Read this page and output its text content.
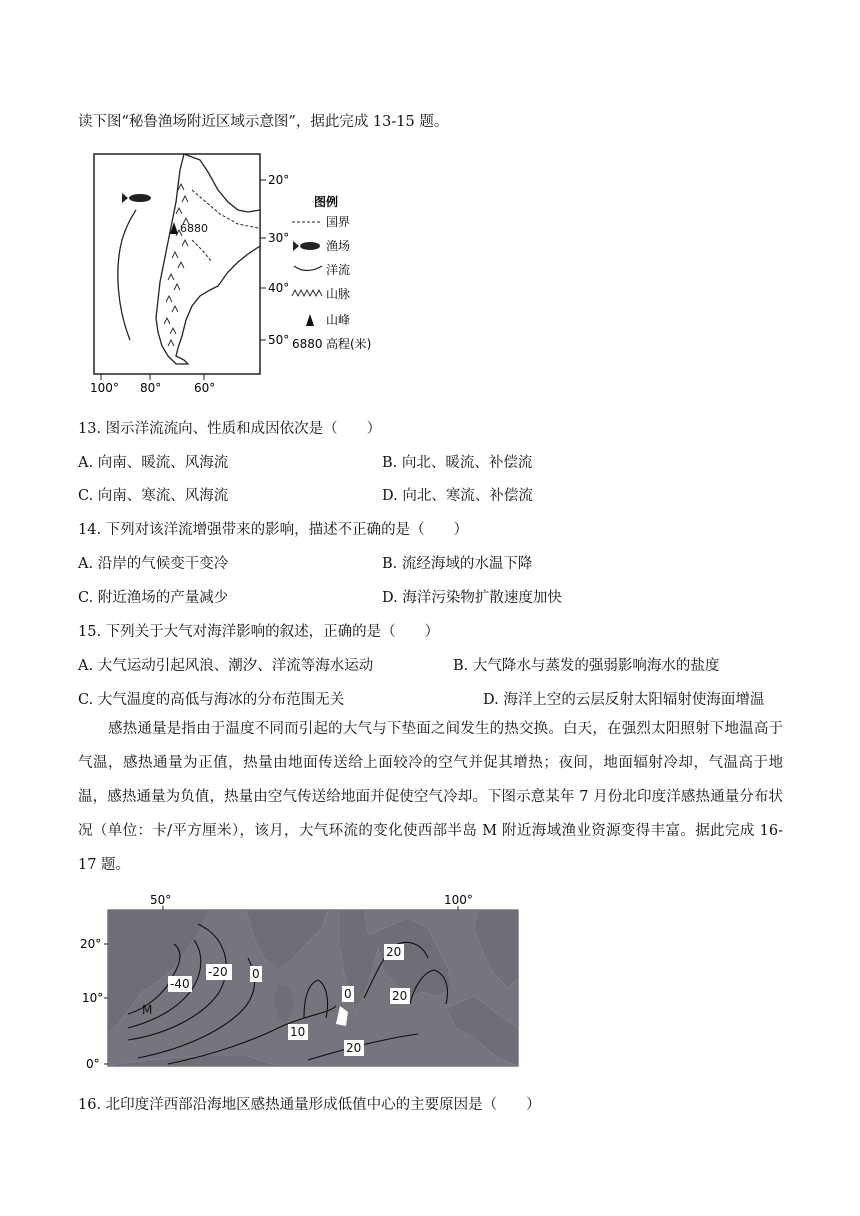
读下图“秘鲁渔场附近区域示意图”，据此完成 13-15 题。
6880
20°
30°
40°
50°
100° 80°	60°
图例
国界
渔场
洋流
山脉
山峰
6880 高程(米)
13. 图示洋流流向、性质和成因依次是（　　）
A. 向南、暖流、风海流	B. 向北、暖流、补偿流
C. 向南、寒流、风海流	D. 向北、寒流、补偿流
14. 下列对该洋流增强带来的影响，描述不正确的是（　　）
A. 沿岸的气候变干变冷	B. 流经海域的水温下降
C. 附近渔场的产量减少	D. 海洋污染物扩散速度加快
15. 下列关于大气对海洋影响的叙述，正确的是（　　）
A. 大气运动引起风浪、潮汐、洋流等海水运动	B. 大气降水与蒸发的强弱影响海水的盐度
C. 大气温度的高低与海冰的分布范围无关	D. 海洋上空的云层反射太阳辐射使海面增温
感热通量是指由于温度不同而引起的大气与下垫面之间发生的热交换。白天，在强烈太阳照射下地温高于气温，感热通量为正值，热量由地面传送给上面较冷的空气并促其增热；夜间，地面辐射冷却，气温高于地温，感热通量为负值，热量由空气传送给地面并促使空气冷却。下图示意某年 7 月份北印度洋感热通量分布状况（单位：卡/平方厘米），该月，大气环流的变化使西部半岛 M 附近海域渔业资源变得丰富。据此完成 16-17 题。
50°	100°
20°
10°
0°
-40
-20 0
0
10
20
20
20
M
16. 北印度洋西部沿海地区感热通量形成低值中心的主要原因是（　　）
